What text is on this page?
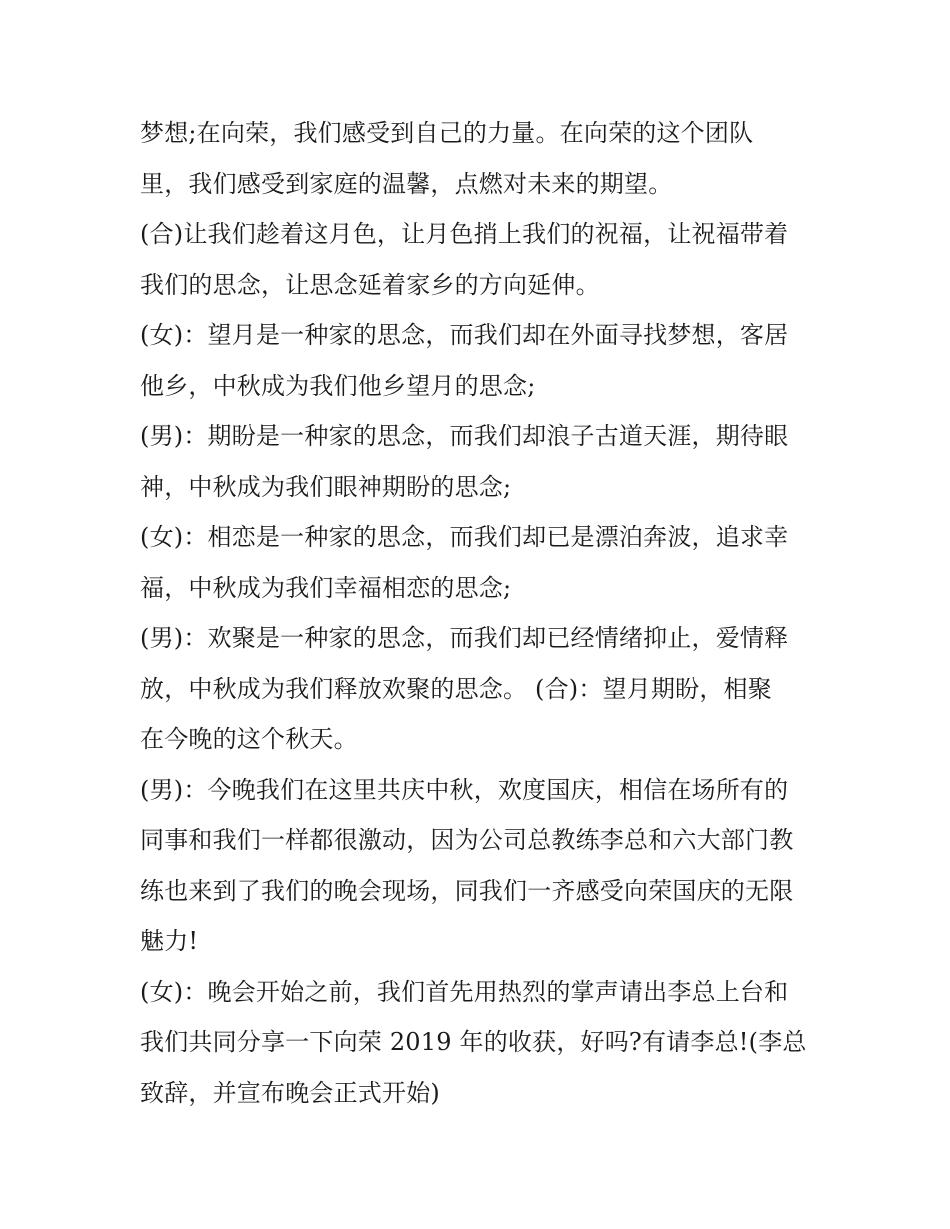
梦想;在向荣，我们感受到自己的力量。在向荣的这个团队
里，我们感受到家庭的温馨，点燃对未来的期望。
(合)让我们趁着这月色，让月色捎上我们的祝福，让祝福带着
我们的思念，让思念延着家乡的方向延伸。
(女)：望月是一种家的思念，而我们却在外面寻找梦想，客居
他乡，中秋成为我们他乡望月的思念;
(男)：期盼是一种家的思念，而我们却浪子古道天涯，期待眼
神，中秋成为我们眼神期盼的思念;
(女)：相恋是一种家的思念，而我们却已是漂泊奔波，追求幸
福，中秋成为我们幸福相恋的思念;
(男)：欢聚是一种家的思念，而我们却已经情绪抑止，爱情释
放，中秋成为我们释放欢聚的思念。 (合)：望月期盼，相聚
在今晚的这个秋天。
(男)：今晚我们在这里共庆中秋，欢度国庆，相信在场所有的
同事和我们一样都很激动，因为公司总教练李总和六大部门教
练也来到了我们的晚会现场，同我们一齐感受向荣国庆的无限
魅力!
(女)：晚会开始之前，我们首先用热烈的掌声请出李总上台和
我们共同分享一下向荣 2019 年的收获，好吗?有请李总!(李总
致辞，并宣布晚会正式开始)
